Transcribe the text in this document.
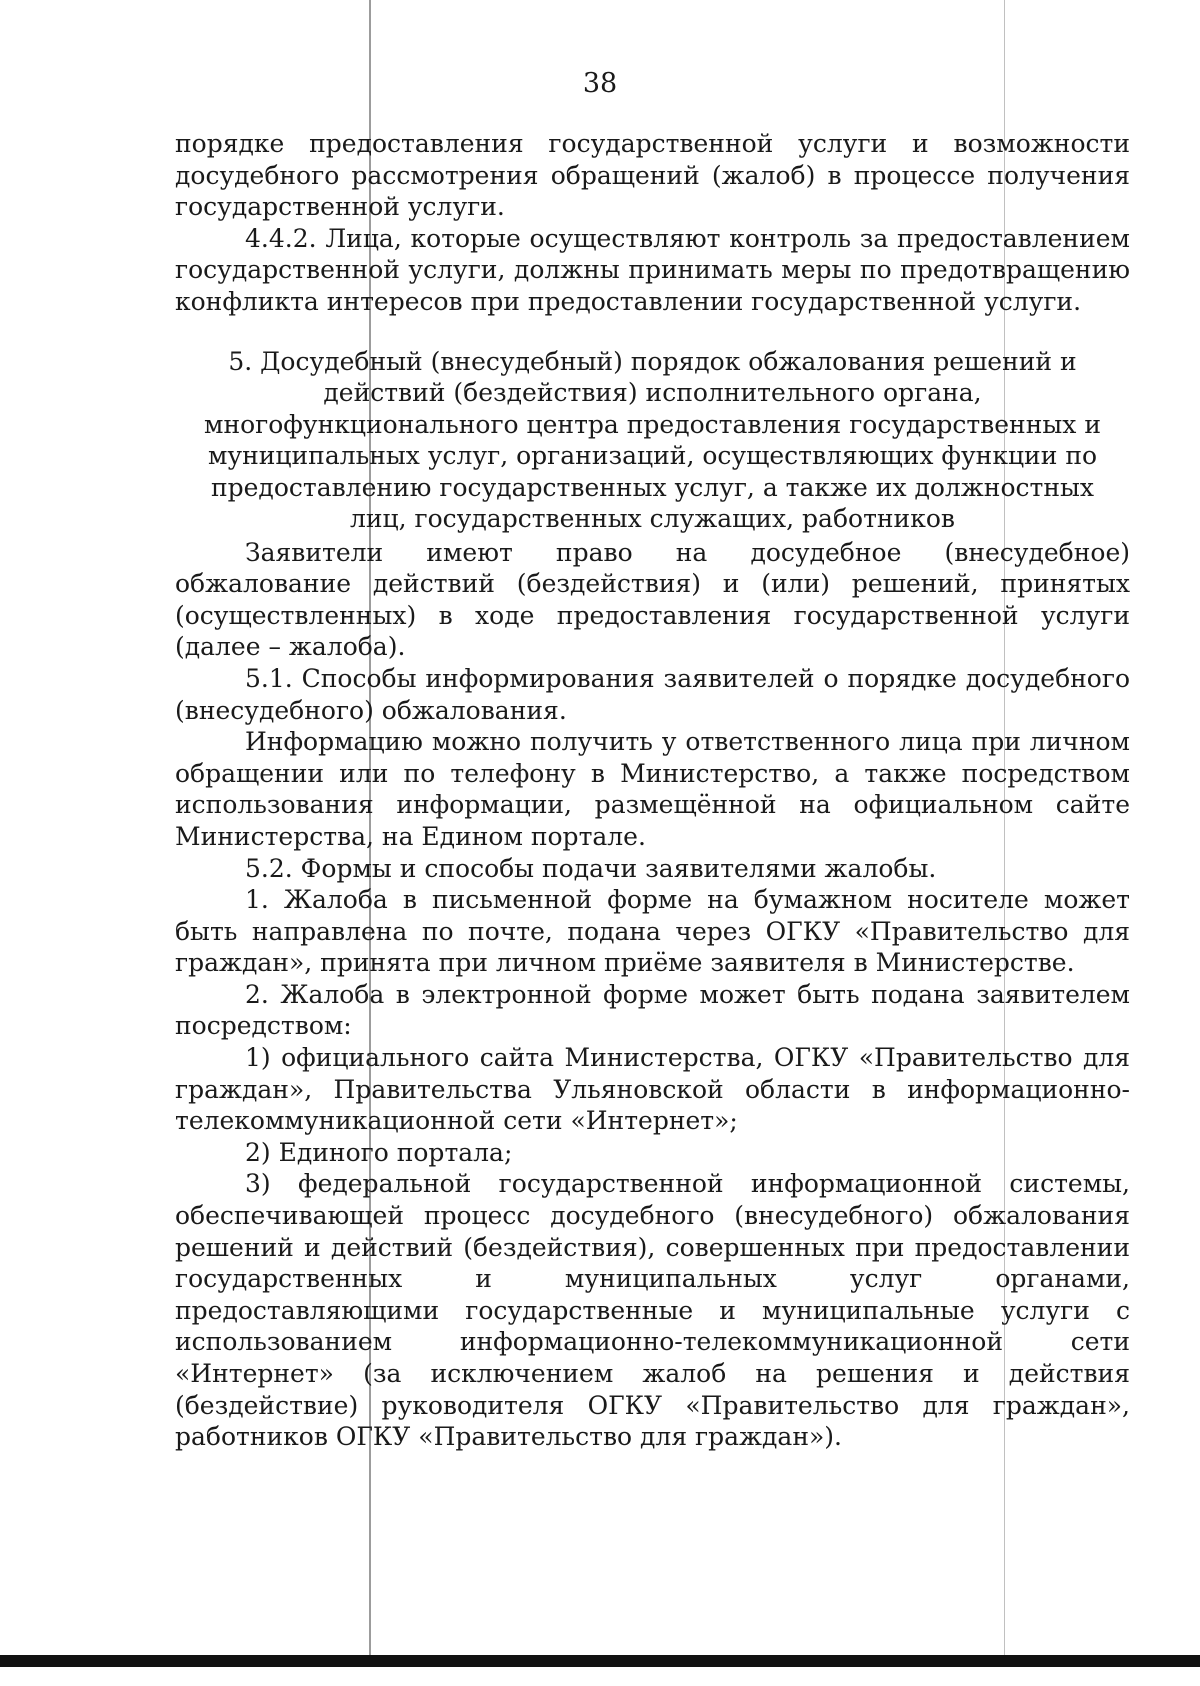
38

порядке предоставления государственной услуги и возможности досудебного рассмотрения обращений (жалоб) в процессе получения государственной услуги.

4.4.2. Лица, которые осуществляют контроль за предоставлением государственной услуги, должны принимать меры по предотвращению конфликта интересов при предоставлении государственной услуги.

5. Досудебный (внесудебный) порядок обжалования решений и действий (бездействия) исполнительного органа, многофункционального центра предоставления государственных и муниципальных услуг, организаций, осуществляющих функции по предоставлению государственных услуг, а также их должностных лиц, государственных служащих, работников

Заявители имеют право на досудебное (внесудебное) обжалование действий (бездействия) и (или) решений, принятых (осуществленных) в ходе предоставления государственной услуги (далее – жалоба).

5.1. Способы информирования заявителей о порядке досудебного (внесудебного) обжалования.

Информацию можно получить у ответственного лица при личном обращении или по телефону в Министерство, а также посредством использования информации, размещённой на официальном сайте Министерства, на Едином портале.

5.2. Формы и способы подачи заявителями жалобы.

1. Жалоба в письменной форме на бумажном носителе может быть направлена по почте, подана через ОГКУ «Правительство для граждан», принята при личном приёме заявителя в Министерстве.

2. Жалоба в электронной форме может быть подана заявителем посредством:

1) официального сайта Министерства, ОГКУ «Правительство для граждан», Правительства Ульяновской области в информационно-телекоммуникационной сети «Интернет»;

2) Единого портала;

3) федеральной государственной информационной системы, обеспечивающей процесс досудебного (внесудебного) обжалования решений и действий (бездействия), совершенных при предоставлении государственных и муниципальных услуг органами, предоставляющими государственные и муниципальные услуги с использованием информационно-телекоммуникационной сети «Интернет» (за исключением жалоб на решения и действия (бездействие) руководителя ОГКУ «Правительство для граждан», работников ОГКУ «Правительство для граждан»).
